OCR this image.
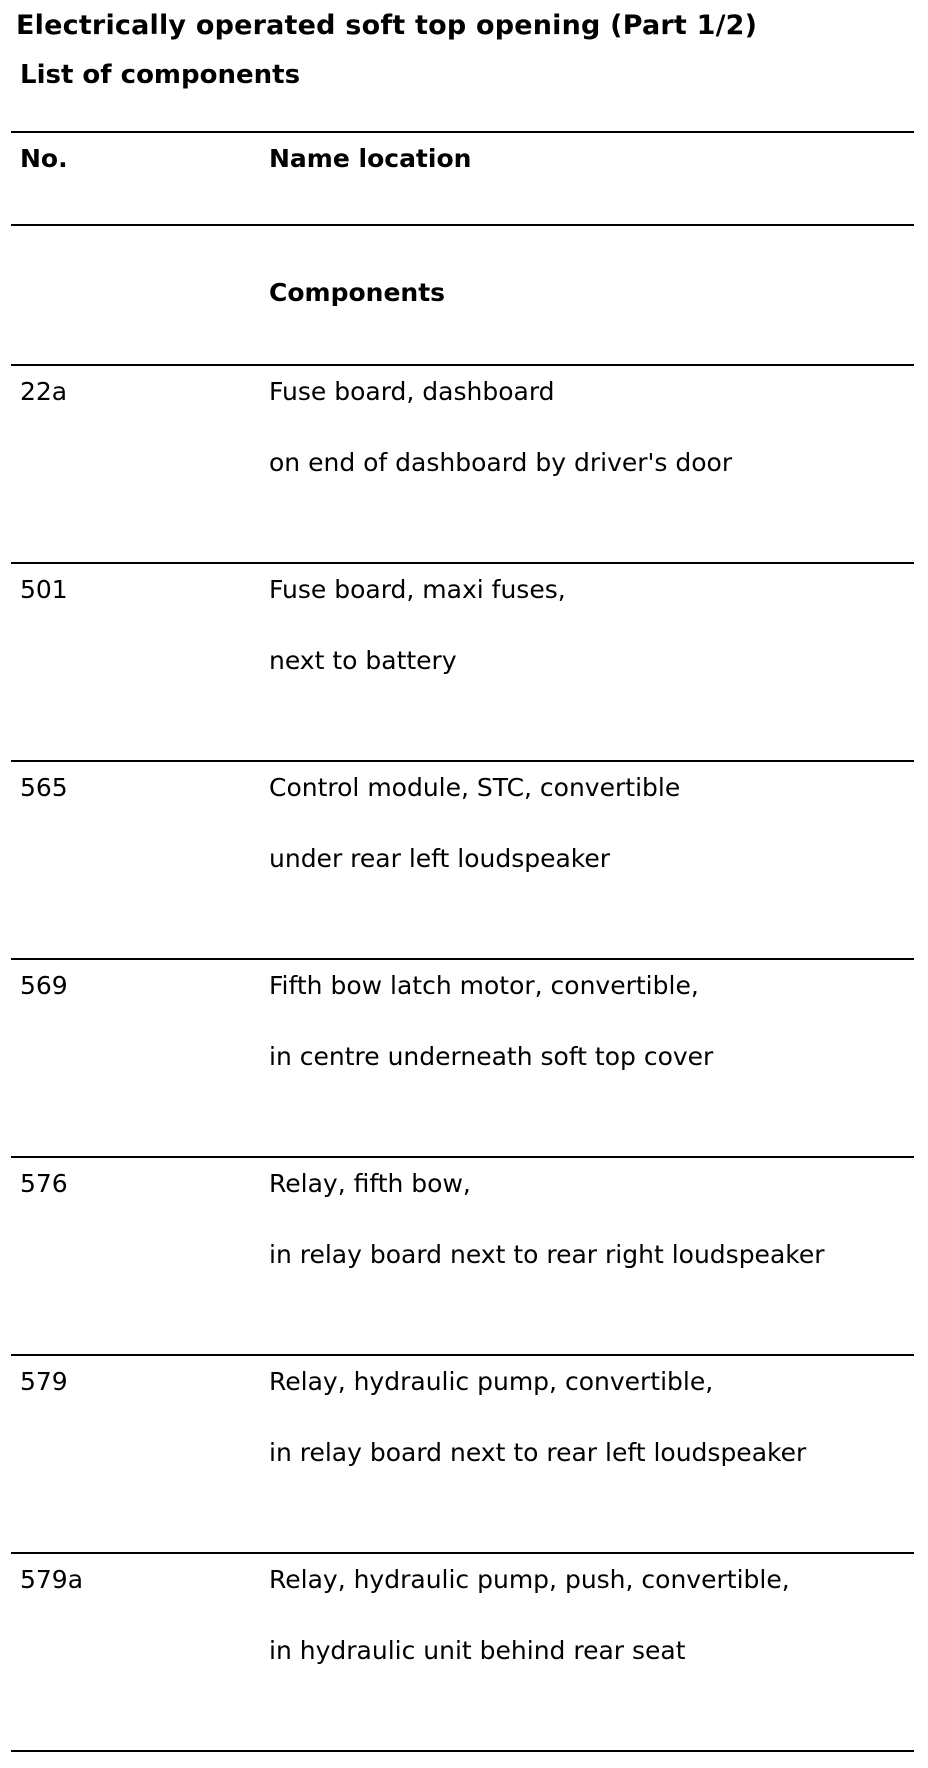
Electrically operated soft top opening (Part 1/2)
List of components
No.	Name location
Components
22a	Fuse board, dashboard
on end of dashboard by driver's door
501	Fuse board, maxi fuses,
next to battery
565	Control module, STC, convertible
under rear left loudspeaker
569	Fifth bow latch motor, convertible,
in centre underneath soft top cover
576	Relay, fifth bow,
in relay board next to rear right loudspeaker
579	Relay, hydraulic pump, convertible,
in relay board next to rear left loudspeaker
579a	Relay, hydraulic pump, push, convertible,
in hydraulic unit behind rear seat
